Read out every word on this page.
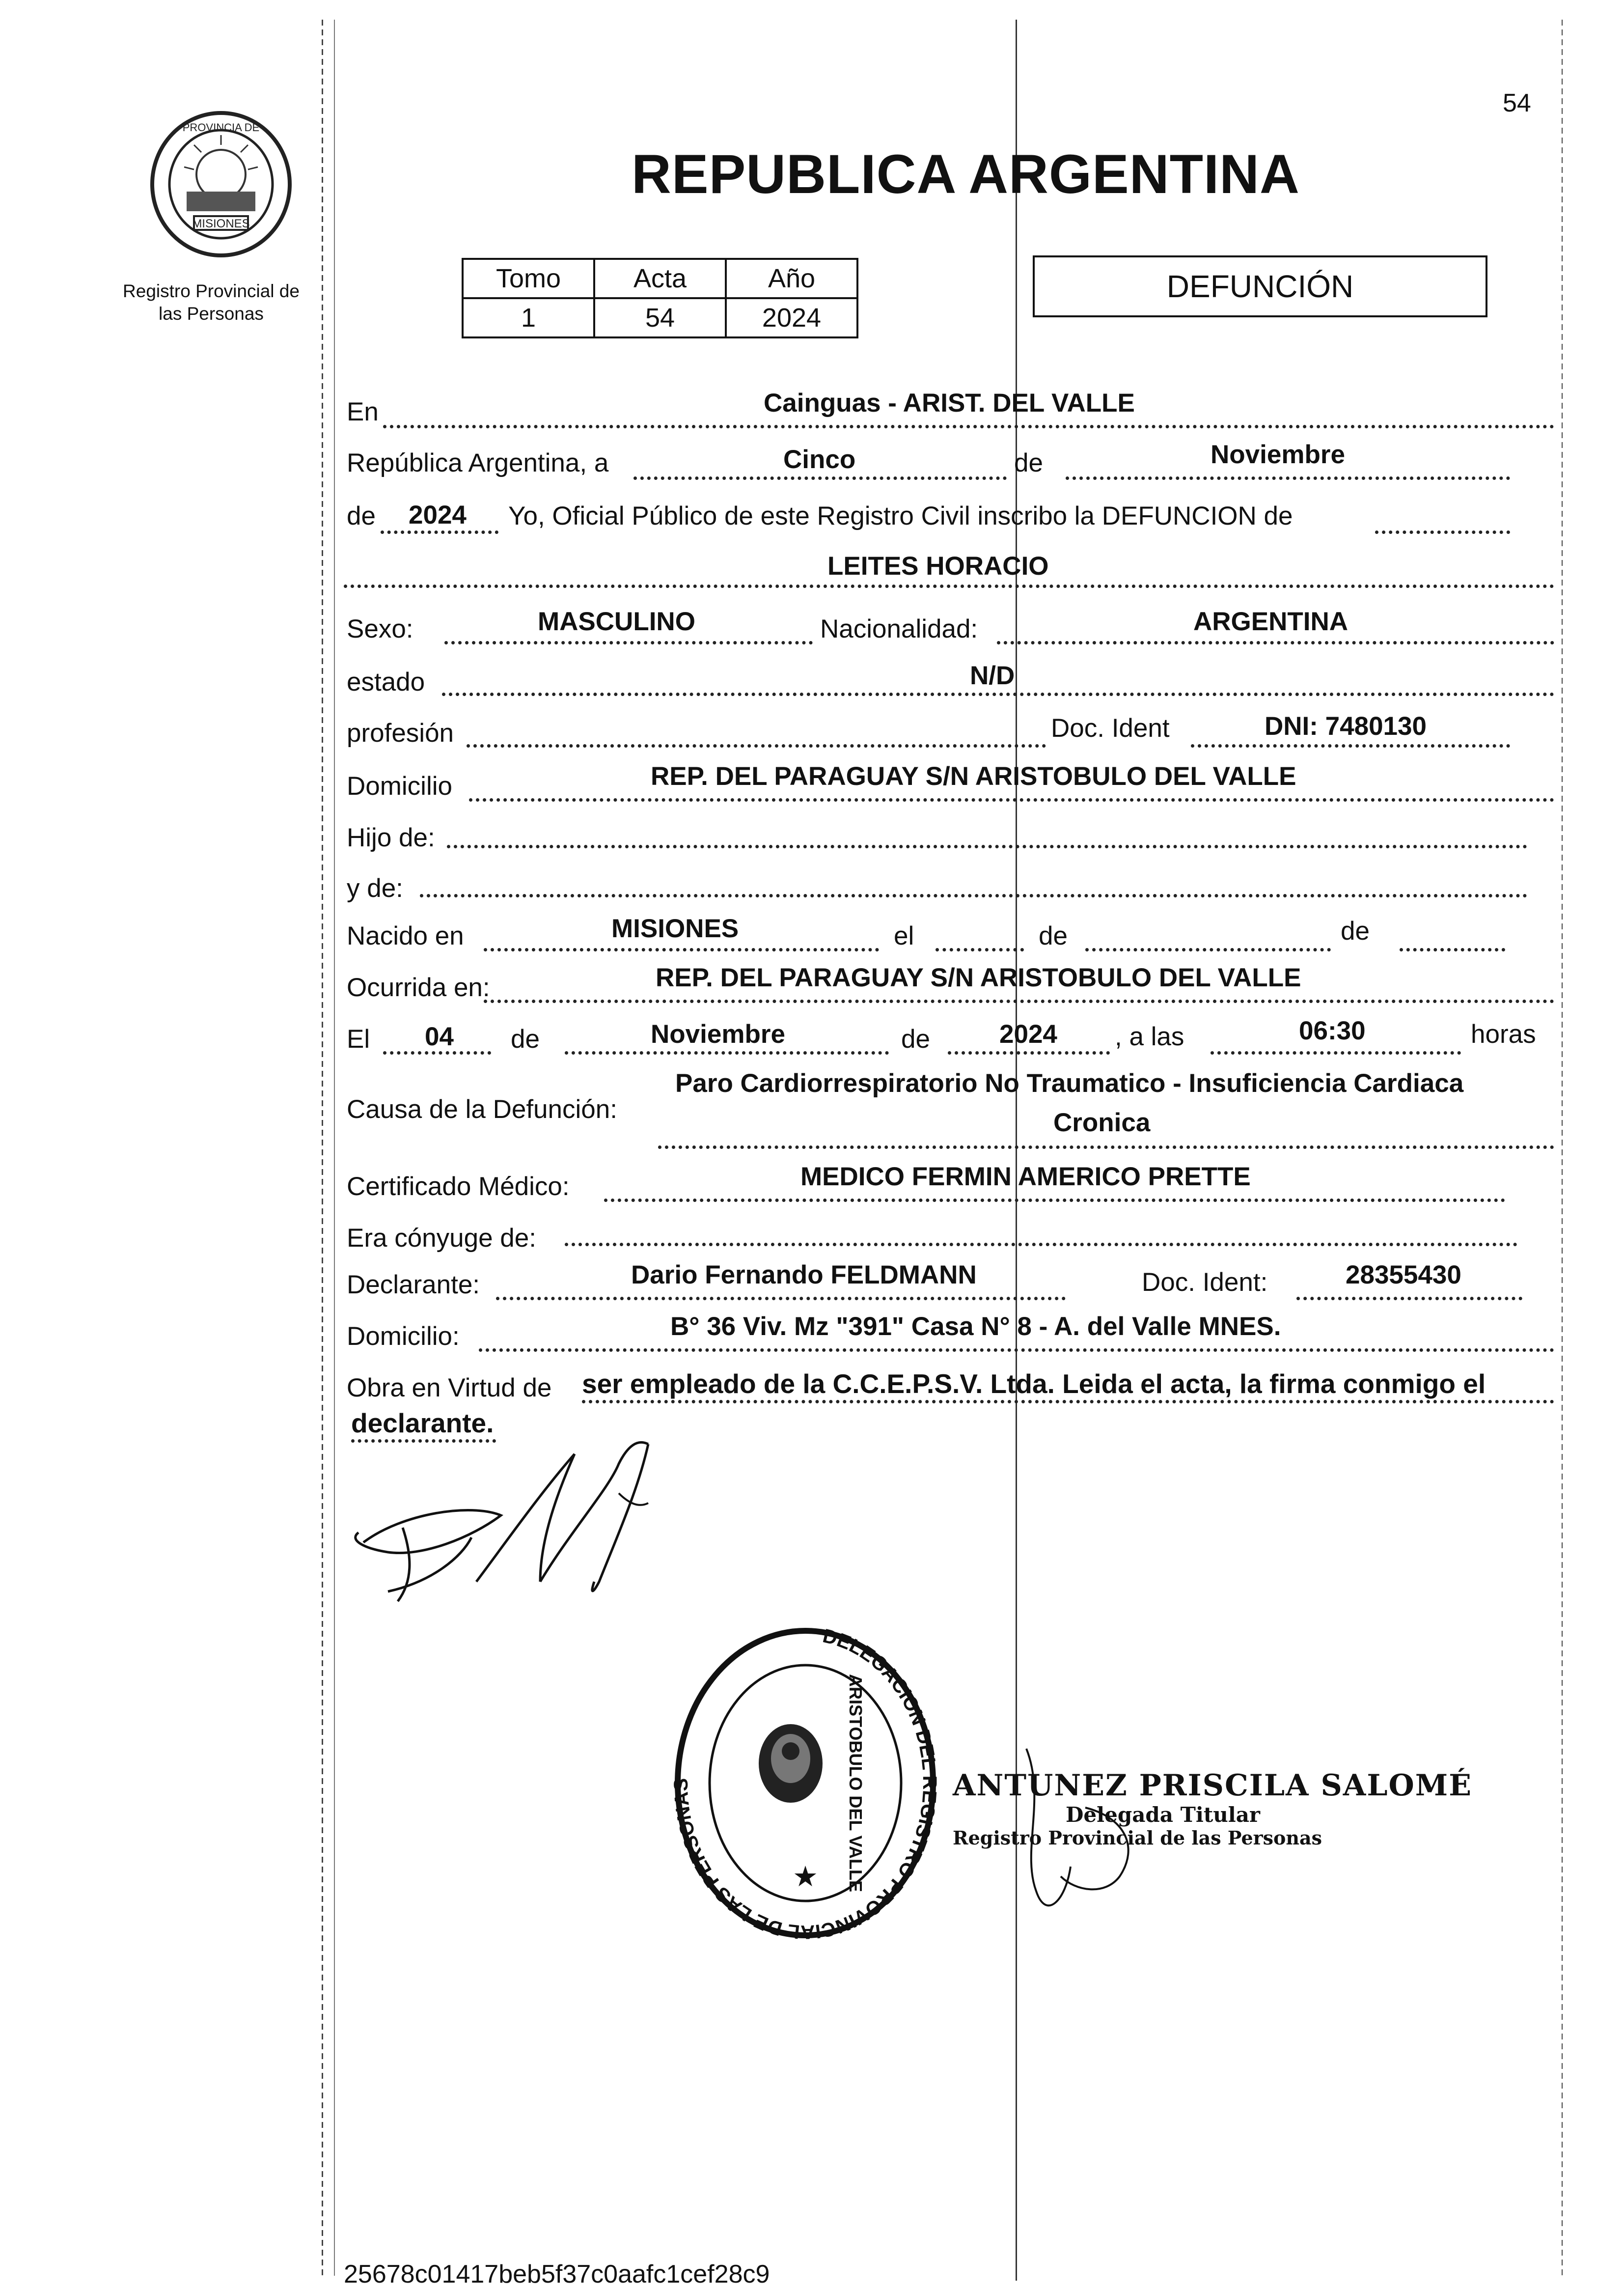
54
MISIONES
PROVINCIA DE
Registro Provincial de
las Personas
REPUBLICA ARGENTINA
Tomo	Acta	Año
1	54	2024
DEFUNCIÓN
En	Cainguas - ARIST. DEL VALLE
República Argentina, a	Cinco	de	Noviembre
de 2024 Yo, Oficial Público de este Registro Civil inscribo la DEFUNCION de
LEITES HORACIO
Sexo:	MASCULINO	Nacionalidad:	ARGENTINA
estado	N/D
profesión	Doc. Ident	DNI: 7480130
Domicilio	REP. DEL PARAGUAY S/N ARISTOBULO DEL VALLE
Hijo de:
y de:
Nacido en	MISIONES	el	de	de
Ocurrida en:	REP. DEL PARAGUAY S/N ARISTOBULO DEL VALLE
El 04 de	Noviembre	de	2024 , a las	06:30	horas
Causa de la Defunción:
Paro Cardiorrespiratorio No Traumatico - Insuficiencia Cardiaca
Cronica
Certificado Médico:	MEDICO FERMIN AMERICO PRETTE
Era cónyuge de:
Declarante:	Dario Fernando FELDMANN	Doc. Ident:	28355430
Domicilio:	B° 36 Viv. Mz "391" Casa N° 8 - A. del Valle MNES.
Obra en Virtud de ser empleado de la C.C.E.P.S.V. Ltda. Leida el acta, la firma conmigo el
declarante.
DELEGACION DEL REGISTRO PROVINCIAL DE LAS PERSONAS
★ ARISTOBULO DEL VALLE	ANTUNEZ PRISCILA SALOMÉ
Delegada Titular
Registro Provincial de las Personas
25678c01417beb5f37c0aafc1cef28c9
